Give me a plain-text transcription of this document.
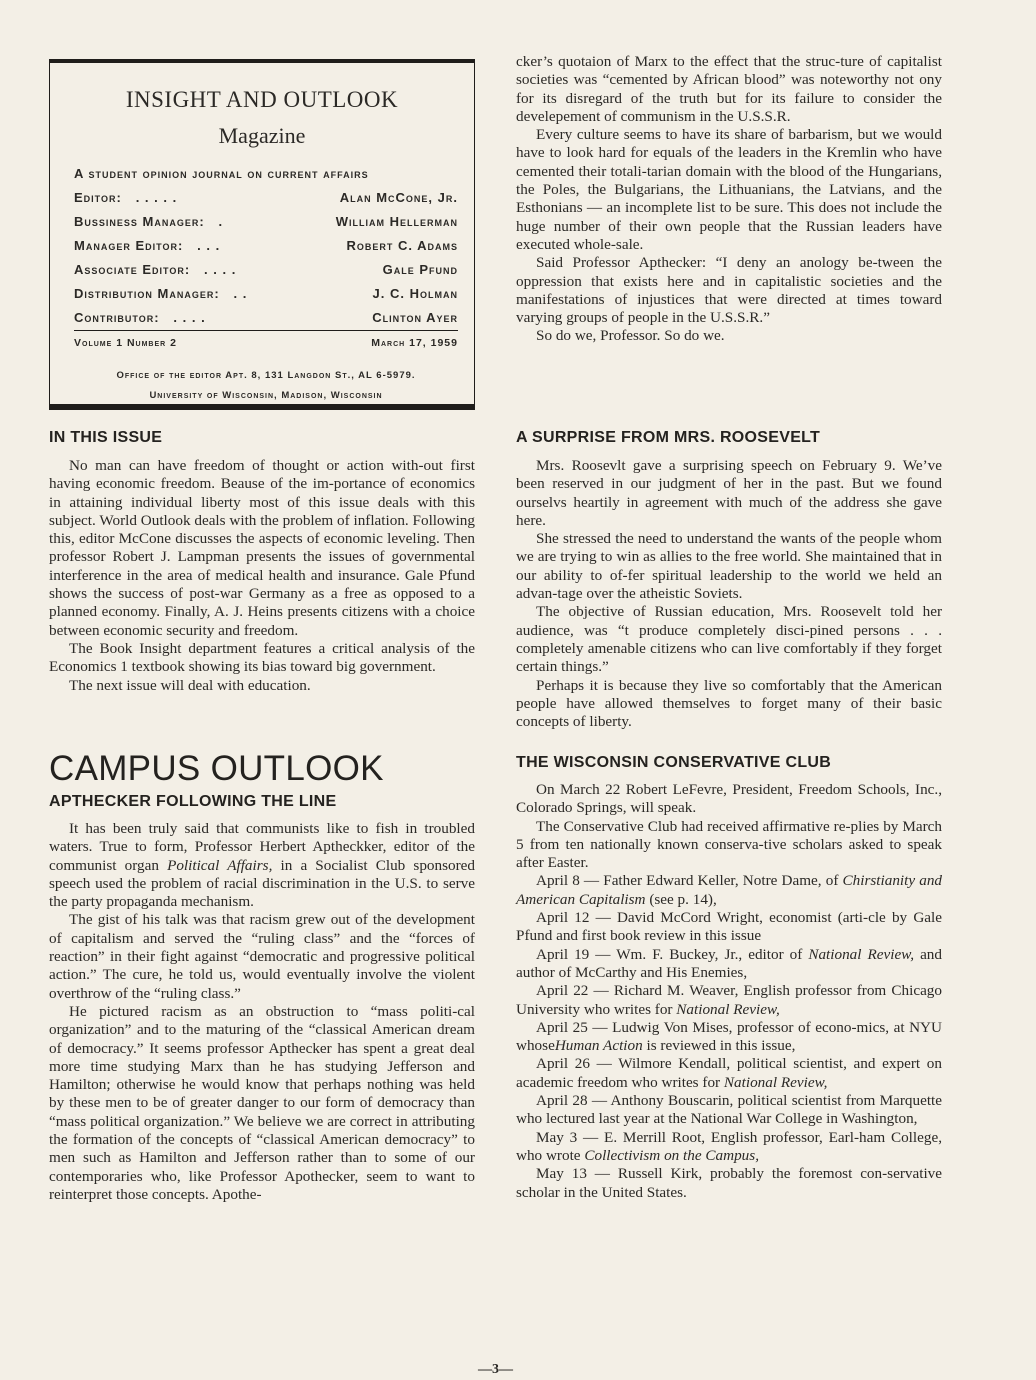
INSIGHT AND OUTLOOK
Magazine
A student opinion journal on current affairs
Editor: . . . . .	Alan McCone, Jr.
Bussiness Manager: .	William Hellerman
Manager Editor: . . .	Robert C. Adams
Associate Editor: . . . .	Gale Pfund
Distribution Manager: . .	J. C. Holman
Contributor: . . . .	Clinton Ayer
Volume 1 Number 2	March 17, 1959
Office of the editor Apt. 8, 131 Langdon St., AL 6-5979.
University of Wisconsin, Madison, Wisconsin
IN THIS ISSUE

No man can have freedom of thought or action with-out first having economic freedom. Beause of the im-portance of economics in attaining individual liberty most of this issue deals with this subject. World Outlook deals with the problem of inflation. Following this, editor McCone discusses the aspects of economic leveling. Then professor Robert J. Lampman presents the issues of governmental interference in the area of medical health and insurance. Gale Pfund shows the success of post-war Germany as a free as opposed to a planned economy. Finally, A. J. Heins presents citizens with a choice between economic security and freedom.

The Book Insight department features a critical analysis of the Economics 1 textbook showing its bias toward big government.

The next issue will deal with education.

CAMPUS OUTLOOK
APTHECKER FOLLOWING THE LINE

It has been truly said that communists like to fish in troubled waters. True to form, Professor Herbert Aptheckker, editor of the communist organ Political Affairs, in a Socialist Club sponsored speech used the problem of racial discrimination in the U.S. to serve the party propaganda mechanism.

The gist of his talk was that racism grew out of the development of capitalism and served the “ruling class” and the “forces of reaction” in their fight against “democratic and progressive political action.” The cure, he told us, would eventually involve the violent overthrow of the “ruling class.”

He pictured racism as an obstruction to “mass politi-cal organization” and to the maturing of the “classical American dream of democracy.” It seems professor Apthecker has spent a great deal more time studying Marx than he has studying Jefferson and Hamilton; otherwise he would know that perhaps nothing was held by these men to be of greater danger to our form of democracy than “mass political organization.” We believe we are correct in attributing the formation of the concepts of “classical American democracy” to men such as Hamilton and Jefferson rather than to some of our contemporaries who, like Professor Apothecker, seem to want to reinterpret those concepts. Apothe-

cker’s quotaion of Marx to the effect that the struc-ture of capitalist societies was “cemented by African blood” was noteworthy not ony for its disregard of the truth but for its failure to consider the develepement of communism in the U.S.S.R.

Every culture seems to have its share of barbarism, but we would have to look hard for equals of the leaders in the Kremlin who have cemented their totali-tarian domain with the blood of the Hungarians, the Poles, the Bulgarians, the Lithuanians, the Latvians, and the Esthonians — an incomplete list to be sure. This does not include the huge number of their own people that the Russian leaders have executed whole-sale.

Said Professor Apthecker: “I deny an anology be-tween the oppression that exists here and in capitalistic societies and the manifestations of injustices that were directed at times toward varying groups of people in the U.S.S.R.”

So do we, Professor. So do we.

A SURPRISE FROM MRS. ROOSEVELT

Mrs. Roosevlt gave a surprising speech on February 9. We’ve been reserved in our judgment of her in the past. But we found ourselvs heartily in agreement with much of the address she gave here.

She stressed the need to understand the wants of the people whom we are trying to win as allies to the free world. She maintained that in our ability to of-fer spiritual leadership to the world we held an advan-tage over the atheistic Soviets.

The objective of Russian education, Mrs. Roosevelt told her audience, was “t produce completely disci-pined persons . . . completely amenable citizens who can live comfortably if they forget certain things.”

Perhaps it is because they live so comfortably that the American people have allowed themselves to forget many of their basic concepts of liberty.

THE WISCONSIN CONSERVATIVE CLUB

On March 22 Robert LeFevre, President, Freedom Schools, Inc., Colorado Springs, will speak.

The Conservative Club had received affirmative re-plies by March 5 from ten nationally known conserva-tive scholars asked to speak after Easter.

April 8 — Father Edward Keller, Notre Dame, of Chirstianity and American Capitalism (see p. 14),

April 12 — David McCord Wright, economist (arti-cle by Gale Pfund and first book review in this issue

April 19 — Wm. F. Buckey, Jr., editor of National Review, and author of McCarthy and His Enemies,

April 22 — Richard M. Weaver, English professor from Chicago University who writes for National Review,

April 25 — Ludwig Von Mises, professor of econo-mics, at NYU whoseHuman Action is reviewed in this issue,

April 26 — Wilmore Kendall, political scientist, and expert on academic freedom who writes for National Review,

April 28 — Anthony Bouscarin, political scientist from Marquette who lectured last year at the National War College in Washington,

May 3 — E. Merrill Root, English professor, Earl-ham College, who wrote Collectivism on the Campus,

May 13 — Russell Kirk, probably the foremost con-servative scholar in the United States.

—3—
